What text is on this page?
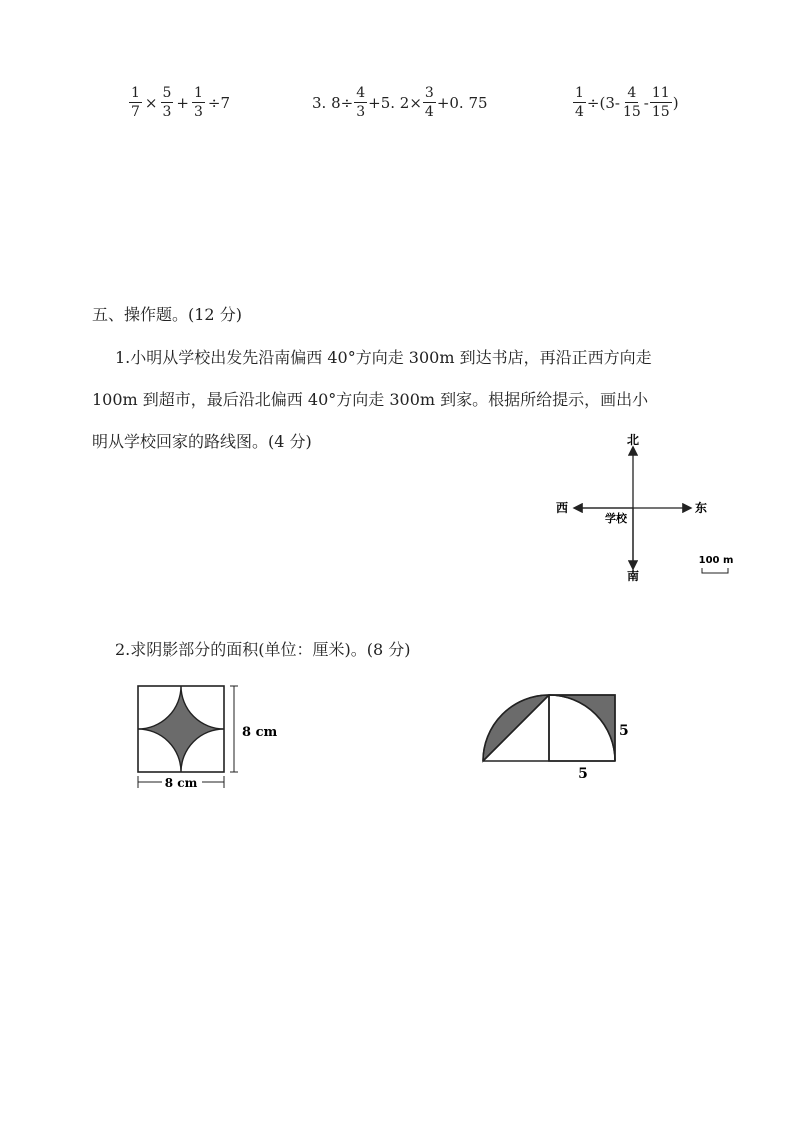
$\frac{1}{7} \times \frac{5}{3} + \frac{1}{3} \div 7$	3. $8\div \frac{4}{3} +5$. $2\times \frac{3}{4} +0$. 75	$\frac{1}{4} \div(3- \frac{4}{15} - \frac{11}{15}$ )
五、操作题。(12 分)
1.小明从学校出发先沿南偏西 40°方向走 300m 到达书店，再沿正西方向走
100m 到超市，最后沿北偏西 40°方向走 300m 到家。根据所给提示，画出小
明从学校回家的路线图。(4 分)	北
南
东
西
学校
100 m
2.求阴影部分的面积(单位：厘米)。(8 分)
8 cm
8 cm
5
5
